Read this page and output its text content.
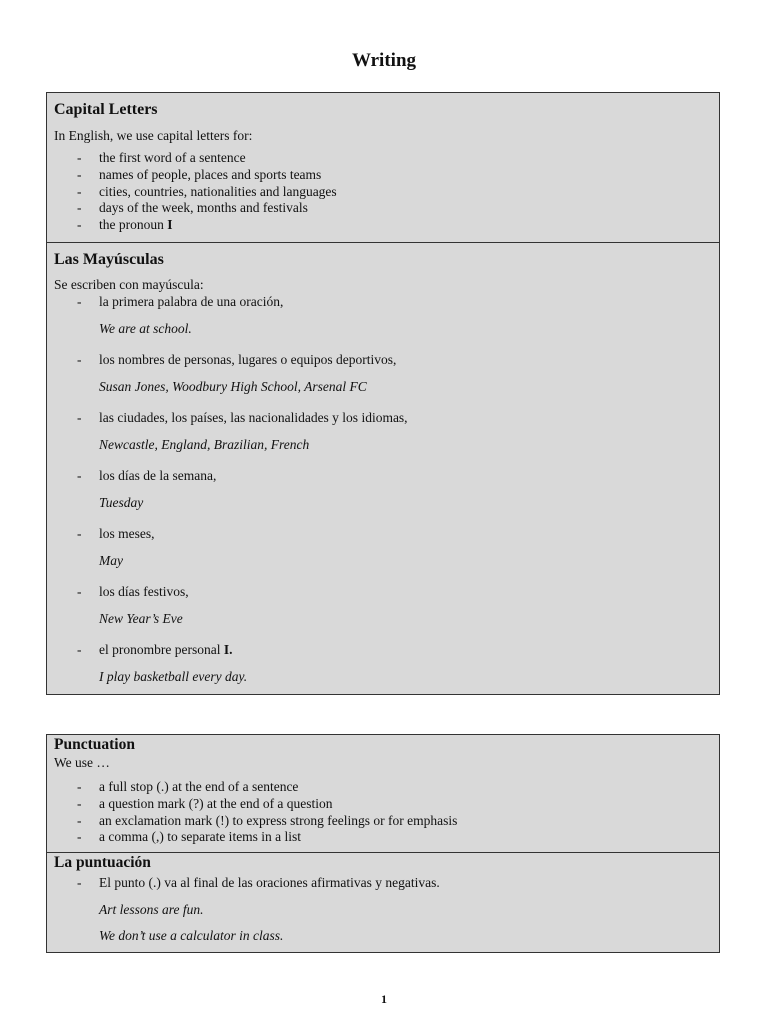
Writing
Capital Letters
In English, we use capital letters for:
- the first word of a sentence
- names of people, places and sports teams
- cities, countries, nationalities and languages
- days of the week, months and festivals
- the pronoun I
Las Mayúsculas
Se escriben con mayúscula:
- la primera palabra de una oración,
We are at school.
- los nombres de personas, lugares o equipos deportivos,
Susan Jones, Woodbury High School, Arsenal FC
- las ciudades, los países, las nacionalidades y los idiomas,
Newcastle, England, Brazilian, French
- los días de la semana,
Tuesday
- los meses,
May
- los días festivos,
New Year’s Eve
- el pronombre personal I.
I play basketball every day.
Punctuation
We use …
- a full stop (.) at the end of a sentence
- a question mark (?) at the end of a question
- an exclamation mark (!) to express strong feelings or for emphasis
- a comma (,) to separate items in a list
La puntuación
- El punto (.) va al final de las oraciones afirmativas y negativas.
Art lessons are fun.
We don’t use a calculator in class.
1
